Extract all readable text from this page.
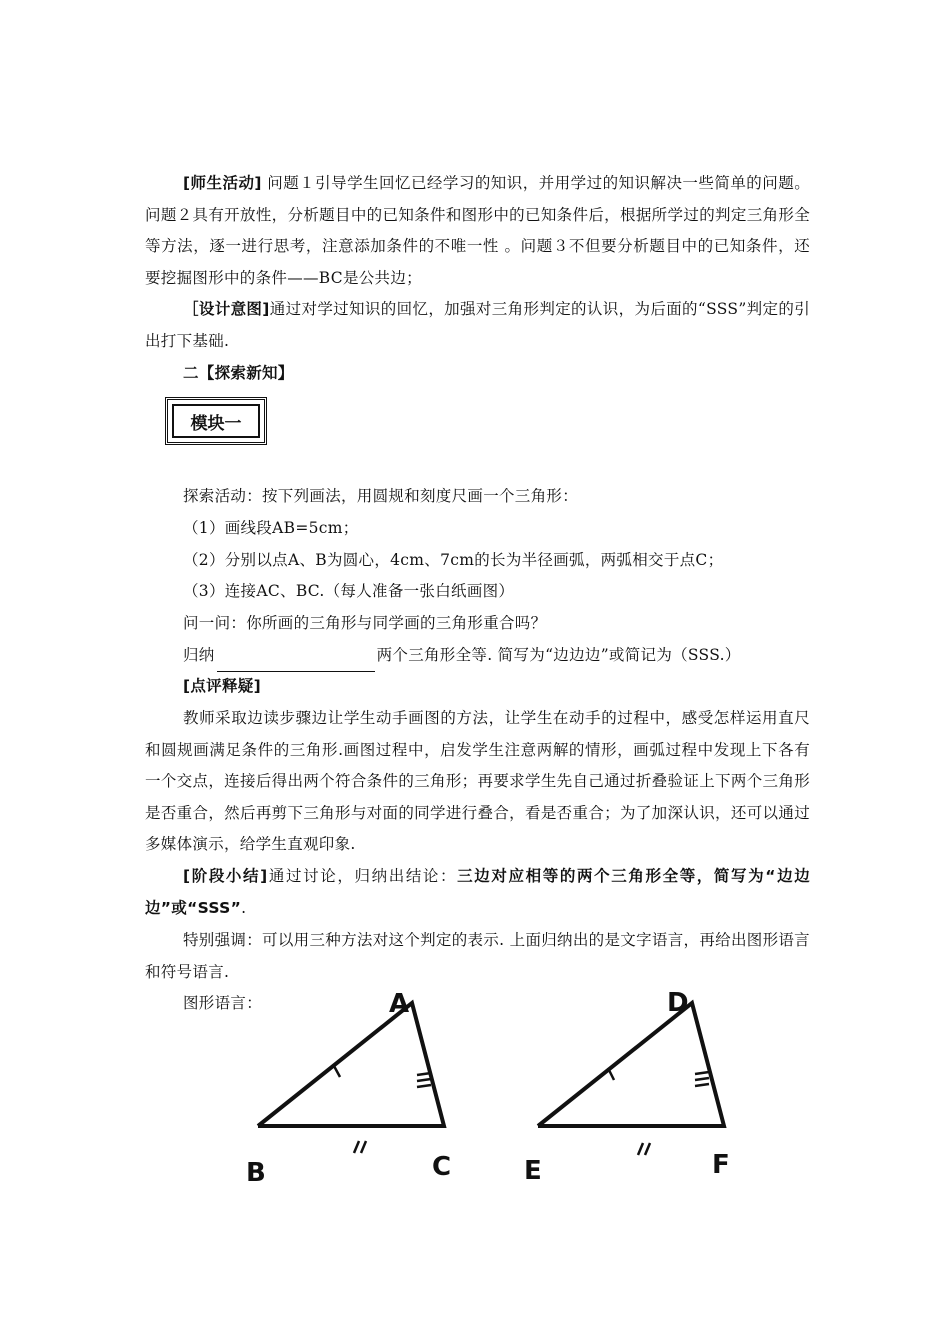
[师生活动] 问题１引导学生回忆已经学习的知识，并用学过的知识解决一些简单的问题。问题２具有开放性，分析题目中的已知条件和图形中的已知条件后，根据所学过的判定三角形全等方法，逐一进行思考，注意添加条件的不唯一性 。问题３不但要分析题目中的已知条件，还要挖掘图形中的条件——BC是公共边；
［设计意图]通过对学过知识的回忆，加强对三角形判定的认识，为后面的“SSS”判定的引出打下基础.
二【探索新知】
模块一
探索活动：按下列画法，用圆规和刻度尺画一个三角形：
（1）画线段AB=5cm；
（2）分别以点A、B为圆心，4cm、7cm的长为半径画弧，两弧相交于点C；
（3）连接AC、BC.（每人准备一张白纸画图）
问一问：你所画的三角形与同学画的三角形重合吗？
归纳	两个三角形全等. 简写为“边边边”或简记为（SSS.）
[点评释疑]
教师采取边读步骤边让学生动手画图的方法，让学生在动手的过程中，感受怎样运用直尺和圆规画满足条件的三角形.画图过程中，启发学生注意两解的情形，画弧过程中发现上下各有一个交点，连接后得出两个符合条件的三角形；再要求学生先自己通过折叠验证上下两个三角形是否重合，然后再剪下三角形与对面的同学进行叠合，看是否重合；为了加深认识，还可以通过多媒体演示，给学生直观印象.
[阶段小结]通过讨论，归纳出结论：三边对应相等的两个三角形全等，简写为“边边边”或“SSS”.
特别强调：可以用三种方法对这个判定的表示. 上面归纳出的是文字语言，再给出图形语言和符号语言.
图形语言：	A
B	C
D
E	F
